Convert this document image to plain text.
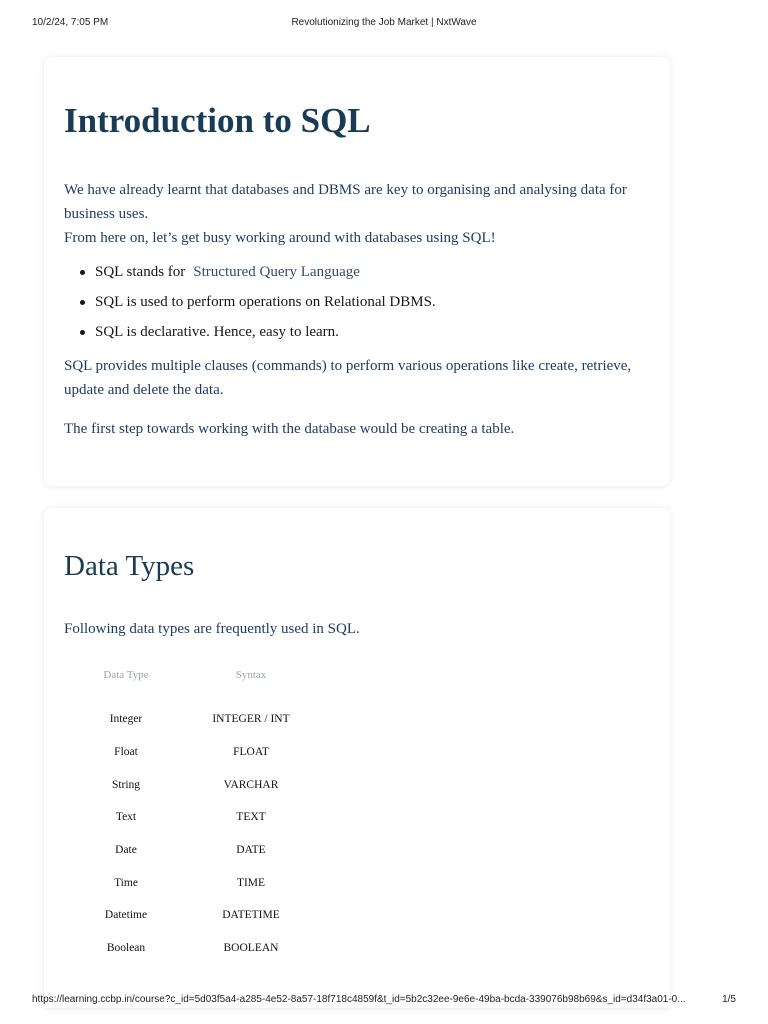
10/2/24, 7:05 PM	Revolutionizing the Job Market | NxtWave
Introduction to SQL

We have already learnt that databases and DBMS are key to organising and analysing data for business uses.

From here on, let’s get busy working around with databases using SQL!

SQL stands for Structured Query Language
SQL is used to perform operations on Relational DBMS.
SQL is declarative. Hence, easy to learn.

SQL provides multiple clauses (commands) to perform various operations like create, retrieve, update and delete the data.

The first step towards working with the database would be creating a table.

Data Types

Following data types are frequently used in SQL.

Data Type	Syntax
Integer	INTEGER / INT
Float	FLOAT
String	VARCHAR
Text	TEXT
Date	DATE
Time	TIME
Datetime	DATETIME
Boolean	BOOLEAN
https://learning.ccbp.in/course?c_id=5d03f5a4-a285-4e52-8a57-18f718c4859f&t_id=5b2c32ee-9e6e-49ba-bcda-339076b98b69&s_id=d34f3a01-0...	1/5
